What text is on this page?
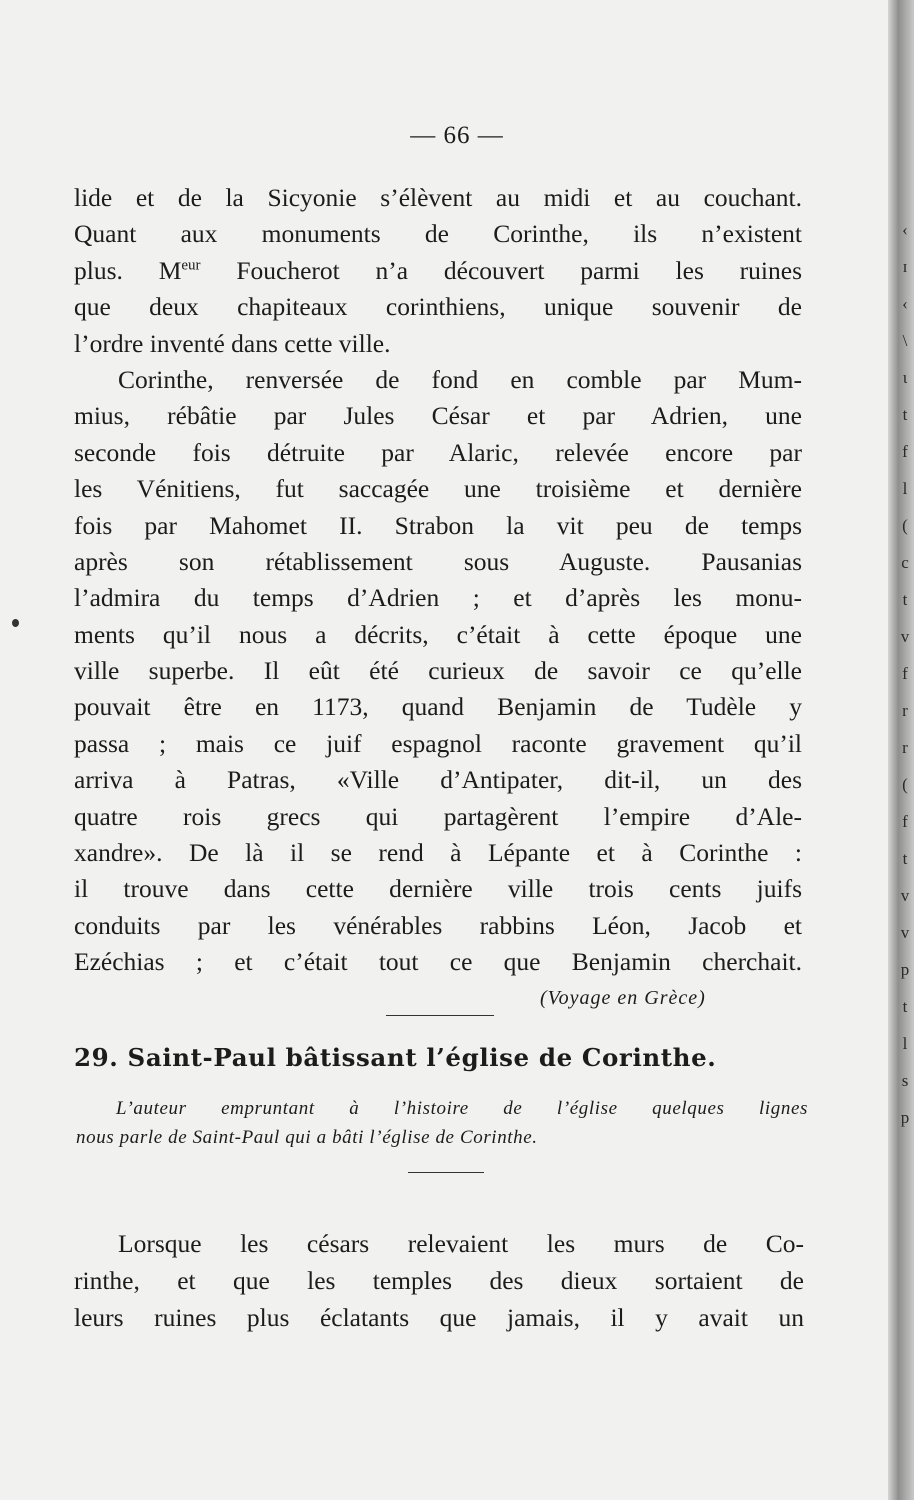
‹
ɪ
‹
\
ι
t
f
l
(
c
t
v
f
r
r
(
f
t
v
v
p
t
l
s
p
— 66 —
lide et de la Sicyonie s’élèvent au midi et au couchant.
Quant aux monuments de Corinthe, ils n’existent
plus. $M^{eur}$ Foucherot n’a découvert parmi les ruines
que deux chapiteaux corinthiens, unique souvenir de
l’ordre inventé dans cette ville.
Corinthe, renversée de fond en comble par Mum-
mius, rébâtie par Jules César et par Adrien, une
seconde fois détruite par Alaric, relevée encore par
les Vénitiens, fut saccagée une troisième et dernière
fois par Mahomet II. Strabon la vit peu de temps
après son rétablissement sous Auguste. Pausanias
l’admira du temps d’Adrien ; et d’après les monu-
ments qu’il nous a décrits, c’était à cette époque une
ville superbe. Il eût été curieux de savoir ce qu’elle
pouvait être en 1173, quand Benjamin de Tudèle y
passa ; mais ce juif espagnol raconte gravement qu’il
arriva à Patras, «Ville d’Antipater, dit-il, un des
quatre rois grecs qui partagèrent l’empire d’Ale-
xandre». De là il se rend à Lépante et à Corinthe :
il trouve dans cette dernière ville trois cents juifs
conduits par les vénérables rabbins Léon, Jacob et
Ezéchias ; et c’était tout ce que Benjamin cherchait.
(Voyage en Grèce)
29. Saint-Paul bâtissant l’église de Corinthe.
L’auteur empruntant à l’histoire de l’église quelques lignes
nous parle de Saint-Paul qui a bâti l’église de Corinthe.
Lorsque les césars relevaient les murs de Co-
rinthe, et que les temples des dieux sortaient de
leurs ruines plus éclatants que jamais, il y avait un
